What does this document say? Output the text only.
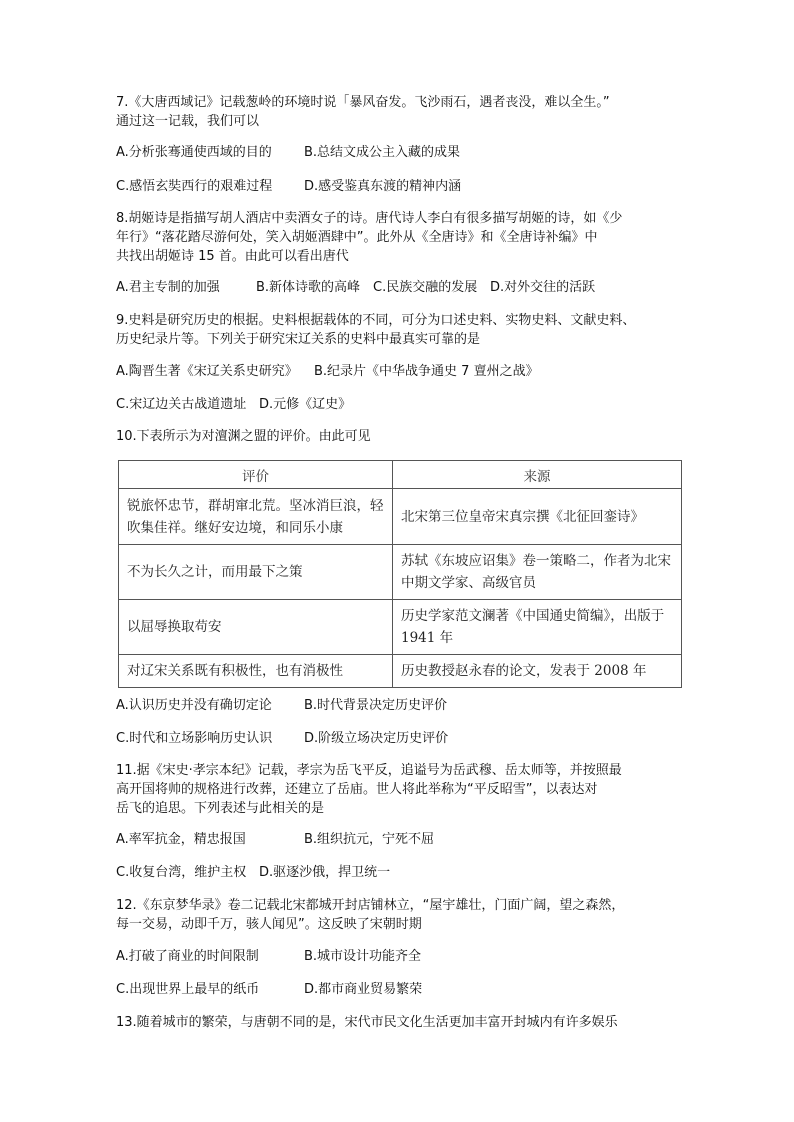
7.《大唐西域记》记载葱岭的环境时说「暴风奋发。飞沙雨石，遇者丧没，难以全生。”
通过这一记载，我们可以
A.分析张骞通使西域的目的 B.总结文成公主入藏的成果
C.感悟玄奘西行的艰难过程 D.感受鉴真东渡的精神内涵
8.胡姬诗是指描写胡人酒店中卖酒女子的诗。唐代诗人李白有很多描写胡姬的诗，如《少
年行》“落花踏尽游何处，笑入胡姬酒肆中”。此外从《全唐诗》和《全唐诗补编》中
共找出胡姬诗 15 首。由此可以看出唐代
A.君主专制的加强	B.新体诗歌的高峰 C.民族交融的发展 D.对外交往的活跃
9.史料是研究历史的根据。史料根据载体的不同，可分为口述史料、实物史料、文献史料、
历史纪录片等。下列关于研究宋辽关系的史料中最真实可靠的是
A.陶晋生著《宋辽关系史研究》 B.纪录片《中华战争通史 7 亶州之战》
C.宋辽边关古战道遗址 D.元修《辽史》
10.下表所示为对澶渊之盟的评价。由此可见
评价	来源
锐旅怀忠节，群胡窜北荒。坚冰消巨浪，轻吹集佳祥。继好安边境，和同乐小康	北宋第三位皇帝宋真宗撰《北征回銮诗》
不为长久之计，而用最下之策	苏轼《东坡应诏集》卷一策略二，作者为北宋中期文学家、高级官员
以屈辱换取苟安	历史学家范文澜著《中国通史简编》，出版于 1941 年
对辽宋关系既有积极性，也有消极性	历史教授赵永春的论文，发表于 2008 年
A.认识历史并没有确切定论 B.时代背景决定历史评价
C.时代和立场影响历史认识 D.阶级立场决定历史评价
11.据《宋史·孝宗本纪》记载，孝宗为岳飞平反，追谥号为岳武穆、岳太师等，并按照最
高开国将帅的规格进行改葬，还建立了岳庙。世人将此举称为“平反昭雪”，以表达对
岳飞的追思。下列表述与此相关的是
A.率军抗金，精忠报国	B.组织抗元，宁死不屈
C.收复台湾，维护主权 D.驱逐沙俄，捍卫统一
12.《东京梦华录》卷二记载北宋都城开封店铺林立，“屋宇雄壮，门面广阔，望之森然，
每一交易，动即千万，骇人闻见”。这反映了宋朝时期
A.打破了商业的时间限制	B.城市设计功能齐全
C.出现世界上最早的纸币	D.都市商业贸易繁荣
13.随着城市的繁荣，与唐朝不同的是，宋代市民文化生活更加丰富开封城内有许多娱乐
